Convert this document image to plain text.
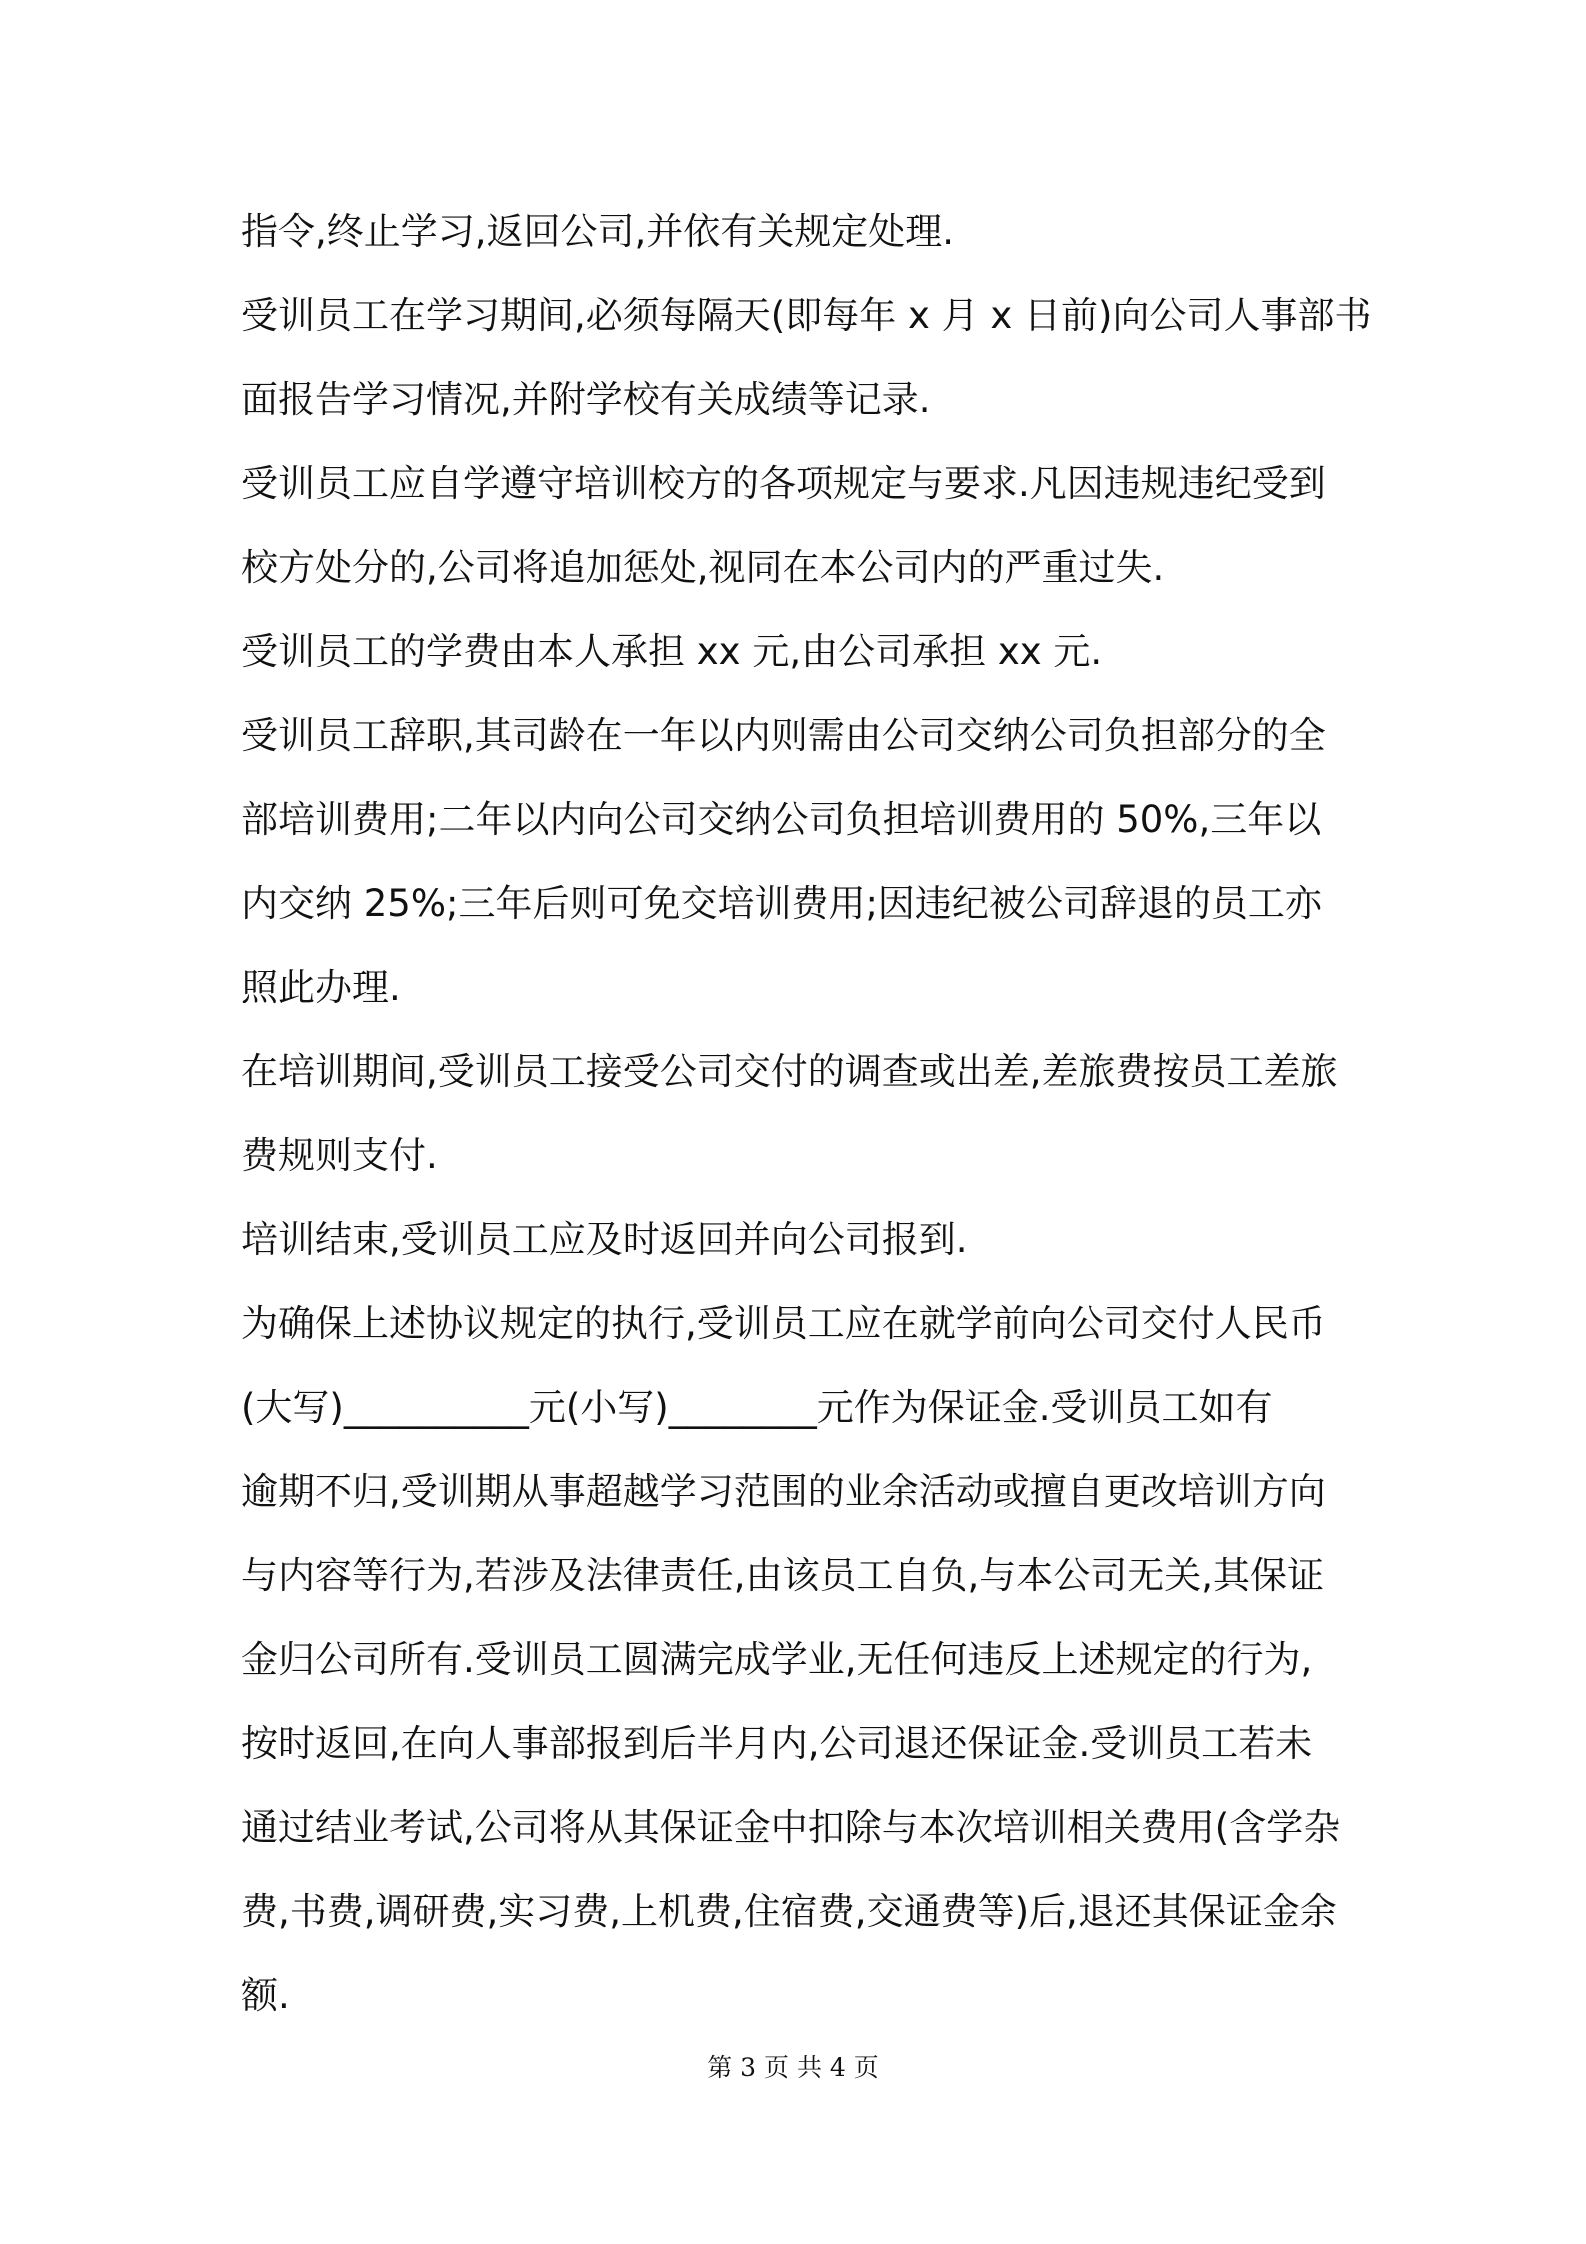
指令,终止学习,返回公司,并依有关规定处理.
受训员工在学习期间,必须每隔天(即每年 x 月 x 日前)向公司人事部书
面报告学习情况,并附学校有关成绩等记录.
受训员工应自学遵守培训校方的各项规定与要求.凡因违规违纪受到
校方处分的,公司将追加惩处,视同在本公司内的严重过失.
受训员工的学费由本人承担 xx 元,由公司承担 xx 元.
受训员工辞职,其司龄在一年以内则需由公司交纳公司负担部分的全
部培训费用;二年以内向公司交纳公司负担培训费用的 50%,三年以
内交纳 25%;三年后则可免交培训费用;因违纪被公司辞退的员工亦
照此办理.
在培训期间,受训员工接受公司交付的调查或出差,差旅费按员工差旅
费规则支付.
培训结束,受训员工应及时返回并向公司报到.
为确保上述协议规定的执行,受训员工应在就学前向公司交付人民币
(大写)__________元(小写)________元作为保证金.受训员工如有
逾期不归,受训期从事超越学习范围的业余活动或擅自更改培训方向
与内容等行为,若涉及法律责任,由该员工自负,与本公司无关,其保证
金归公司所有.受训员工圆满完成学业,无任何违反上述规定的行为,
按时返回,在向人事部报到后半月内,公司退还保证金.受训员工若未
通过结业考试,公司将从其保证金中扣除与本次培训相关费用(含学杂
费,书费,调研费,实习费,上机费,住宿费,交通费等)后,退还其保证金余
额.
第 3 页 共 4 页
